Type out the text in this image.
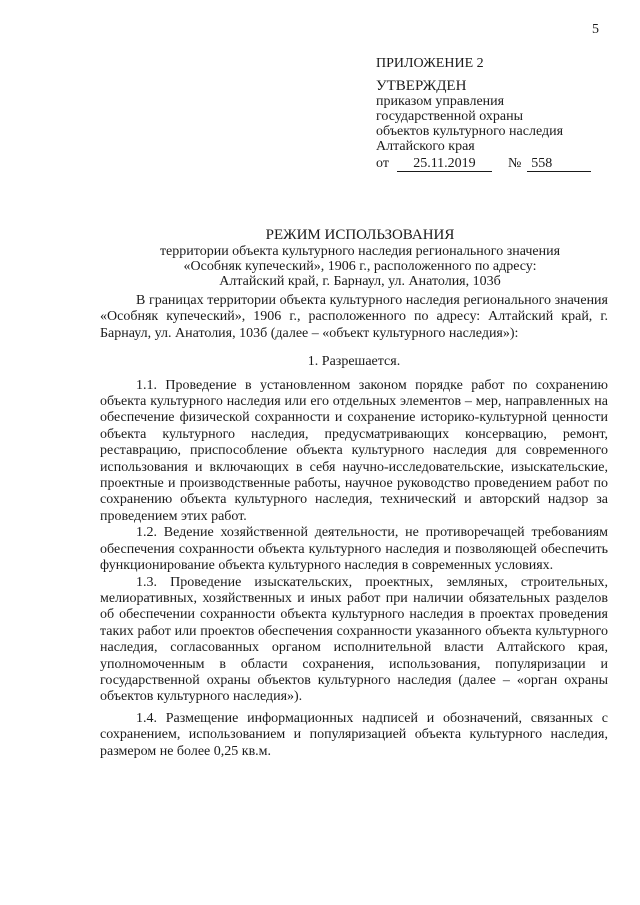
5
ПРИЛОЖЕНИЕ 2
УТВЕРЖДЕН
приказом управления
государственной охраны
объектов культурного наследия
Алтайского края
от	25.11.2019	№ 558
РЕЖИМ ИСПОЛЬЗОВАНИЯ
территории объекта культурного наследия регионального значения
«Особняк купеческий», 1906 г., расположенного по адресу:
Алтайский край, г. Барнаул, ул. Анатолия, 103б

В границах территории объекта культурного наследия регионального значения «Особняк купеческий», 1906 г., расположенного по адресу: Алтайский край, г. Барнаул, ул. Анатолия, 103б (далее – «объект культурного наследия»):

1. Разрешается.

1.1. Проведение в установленном законом порядке работ по сохранению объекта культурного наследия или его отдельных элементов – мер, направленных на обеспечение физической сохранности и сохранение историко-культурной ценности объекта культурного наследия, предусматривающих консервацию, ремонт, реставрацию, приспособление объекта культурного наследия для современного использования и включающих в себя научно-исследовательские, изыскательские, проектные и производственные работы, научное руководство проведением работ по сохранению объекта культурного наследия, технический и авторский надзор за проведением этих работ.

1.2. Ведение хозяйственной деятельности, не противоречащей требованиям обеспечения сохранности объекта культурного наследия и позволяющей обеспечить функционирование объекта культурного наследия в современных условиях.

1.3. Проведение изыскательских, проектных, земляных, строительных, мелиоративных, хозяйственных и иных работ при наличии обязательных разделов об обеспечении сохранности объекта культурного наследия в проектах проведения таких работ или проектов обеспечения сохранности указанного объекта культурного наследия, согласованных органом исполнительной власти Алтайского края, уполномоченным в области сохранения, использования, популяризации и государственной охраны объектов культурного наследия (далее – «орган охраны объектов культурного наследия»).

1.4. Размещение информационных надписей и обозначений, связанных с сохранением, использованием и популяризацией объекта культурного наследия, размером не более 0,25 кв.м.
